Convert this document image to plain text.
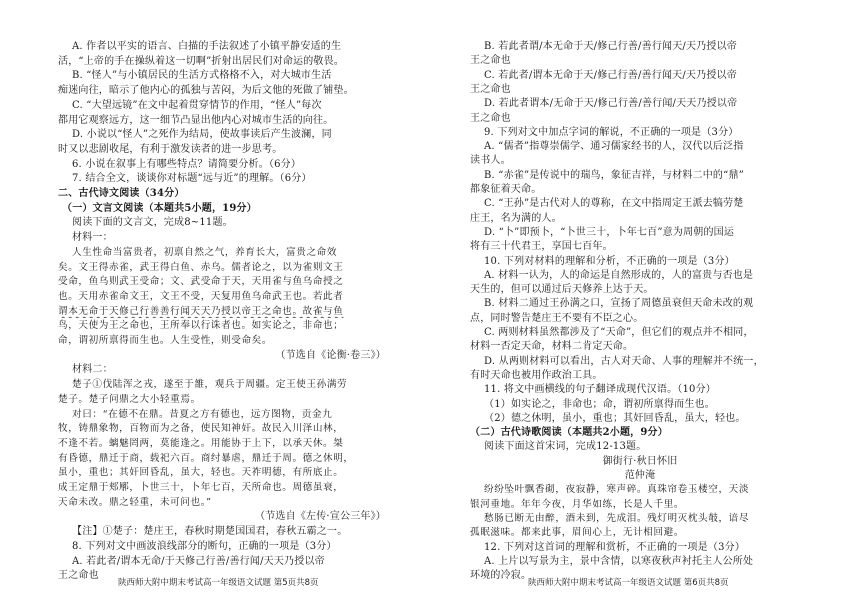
A. 作者以平实的语言、白描的手法叙述了小镇平静安适的生
活，“上帝的手在操纵着这一切啊”折射出居民们对命运的敬畏。
B. “怪人”与小镇居民的生活方式格格不入，对大城市生活
痴迷向往，暗示了他内心的孤独与苦闷，为后文他的死做了铺垫。
C. “大望远镜”在文中起着贯穿情节的作用，“怪人”每次
都用它观察远方，这一细节凸显出他内心对城市生活的向往。
D. 小说以“怪人”之死作为结局，使故事读后产生波澜，同
时又以悲剧收尾，有利于激发读者的进一步思考。
6. 小说在叙事上有哪些特点？请简要分析。（6分）
7. 结合全文，谈谈你对标题“远与近”的理解。（6分）
二、古代诗文阅读（34分）
（一）文言文阅读（本题共5小题，19分）
阅读下面的文言文，完成8~11题。
材料一：
人生性命当富贵者，初禀自然之气，养育长大，富贵之命效
矣。文王得赤雀，武王得白鱼、赤乌。儒者论之，以为雀则文王
受命，鱼乌则武王受命；文、武受命于天，天用雀与鱼乌命授之
也。天用赤雀命文王，文王不受，天复用鱼乌命武王也。若此者
谓本无命于天修己行善善行闻天天乃授以帝王之命也。故雀与鱼
鸟，天使为王之命也，王所奉以行诛者也。如实论之，非命也；
命，谓初所禀得而生也。人生受性，则受命矣。
（节选自《论衡·卷三》）
材料二：
楚子①伐陆浑之戎，遂至于雒，观兵于周疆。定王使王孙满劳
楚子。楚子问鼎之大小轻重焉。
对曰：“在德不在鼎。昔夏之方有德也，远方图物，贡金九
牧，铸鼎象物，百物而为之备，使民知神奸。故民入川泽山林，
不逢不若。螭魅罔两，莫能逢之。用能协于上下，以承天休。桀
有昏德，鼎迁于商，载祀六百。商纣暴虐，鼎迁于周。德之休明，
虽小，重也；其奸回昏乱，虽大，轻也。天祚明德，有所底止。
成王定鼎于郏鄏，卜世三十，卜年七百，天所命也。周德虽衰，
天命未改。鼎之轻重，未可问也。”
（节选自《左传·宣公三年》）
【注】①楚子：楚庄王，春秋时期楚国国君，春秋五霸之一。
8. 下列对文中画波浪线部分的断句，正确的一项是（3分）
A. 若此者/谓本无命/于天修己行善/善行闻/天天乃授以帝
王之命也
B. 若此者谓/本无命于天/修己行善/善行闻天/天乃授以帝
王之命也
C. 若此者/谓本无命于天/修己行善/善行闻天/天乃授以帝
王之命也
D. 若此者谓本/无命于天/修己行善/善行闻/天天乃授以帝
王之命也
9. 下列对文中加点字词的解说，不正确的一项是（3分）
A. “儒者”指尊崇儒学、通习儒家经书的人，汉代以后泛指
读书人。
B. “赤雀”是传说中的瑞鸟，象征吉祥，与材料二中的“鼎”
都象征着天命。
C. “王孙”是古代对人的尊称，在文中指周定王派去犒劳楚
庄王，名为满的人。
D. “卜”即预卜，“卜世三十，卜年七百”意为周朝的国运
将有三十代君王，享国七百年。
10. 下列对材料的理解和分析，不正确的一项是（3分）
A. 材料一认为，人的命运是自然形成的，人的富贵与否也是
天生的，但可以通过后天修养上达于天。
B. 材料二通过王孙满之口，宣扬了周德虽衰但天命未改的观
点，同时警告楚庄王不要有不臣之心。
C. 两则材料虽然都涉及了“天命”，但它们的观点并不相同，
材料一否定天命，材料二肯定天命。
D. 从两则材料可以看出，古人对天命、人事的理解并不统一，
有时天命也被用作政治工具。
11. 将文中画横线的句子翻译成现代汉语。（10分）
（1）如实论之，非命也；命，谓初所禀得而生也。
（2）德之休明，虽小，重也；其奸回昏乱，虽大，轻也。
（二）古代诗歌阅读（本题共2小题，9分）
阅读下面这首宋词，完成12-13题。
御街行·秋日怀旧
范仲淹
纷纷坠叶飘香砌，夜寂静，寒声碎。真珠帘卷玉楼空，天淡
银河垂地。年年今夜，月华如练，长是人千里。
愁肠已断无由醉，酒未到，先成泪。残灯明灭枕头攲，谙尽
孤眠滋味。都来此事，眉间心上，无计相回避。
12. 下列对这首词的理解和赏析，不正确的一项是（3分）
A. 上片以写景为主，景中含情，以寒夜秋声衬托主人公所处
环境的冷寂。
陕西师大附中期末考试高一年级语文试题 第5页共8页	陕西师大附中期末考试高一年级语文试题 第6页共8页
